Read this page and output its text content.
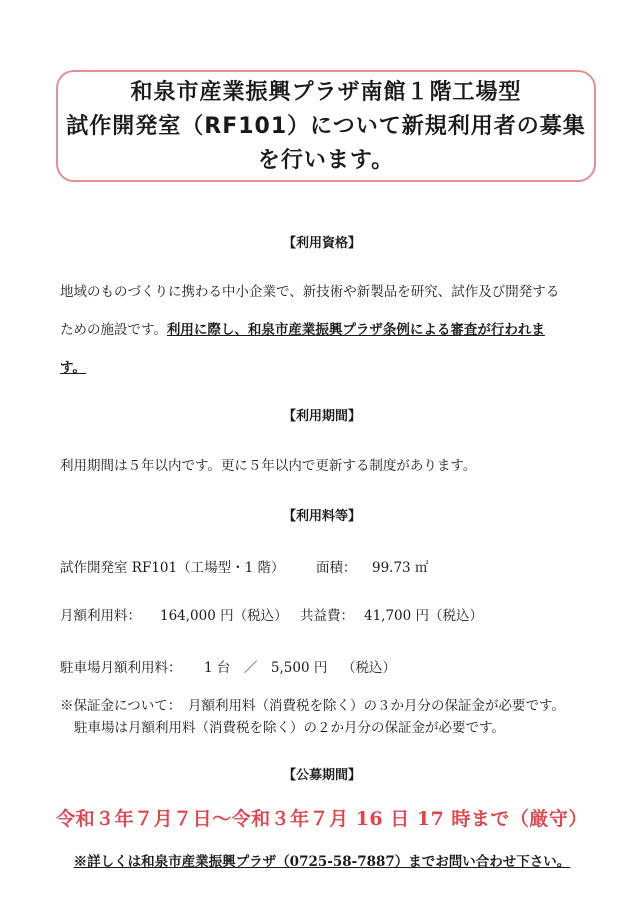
和泉市産業振興プラザ南館１階工場型
試作開発室（RF101）について新規利用者の募集
を行います。
【利用資格】
地域のものづくりに携わる中小企業で、新技術や新製品を研究、試作及び開発する
ための施設です。利用に際し、和泉市産業振興プラザ条例による審査が行われま
す。
【利用期間】
利用期間は５年以内です。更に５年以内で更新する制度があります。
【利用料等】
試作開発室 RF101（工場型・1 階） 面積： 99.73 ㎡
月額利用料： 164,000 円（税込） 共益費： 41,700 円（税込）
駐車場月額利用料： 1 台　／　5,500 円 （税込）
※保証金について：　月額利用料（消費税を除く）の３か月分の保証金が必要です。
駐車場は月額利用料（消費税を除く）の２か月分の保証金が必要です。
【公募期間】
令和３年７月７日～令和３年７月 16 日 17 時まで（厳守）
※詳しくは和泉市産業振興プラザ（0725-58-7887）までお問い合わせ下さい。
